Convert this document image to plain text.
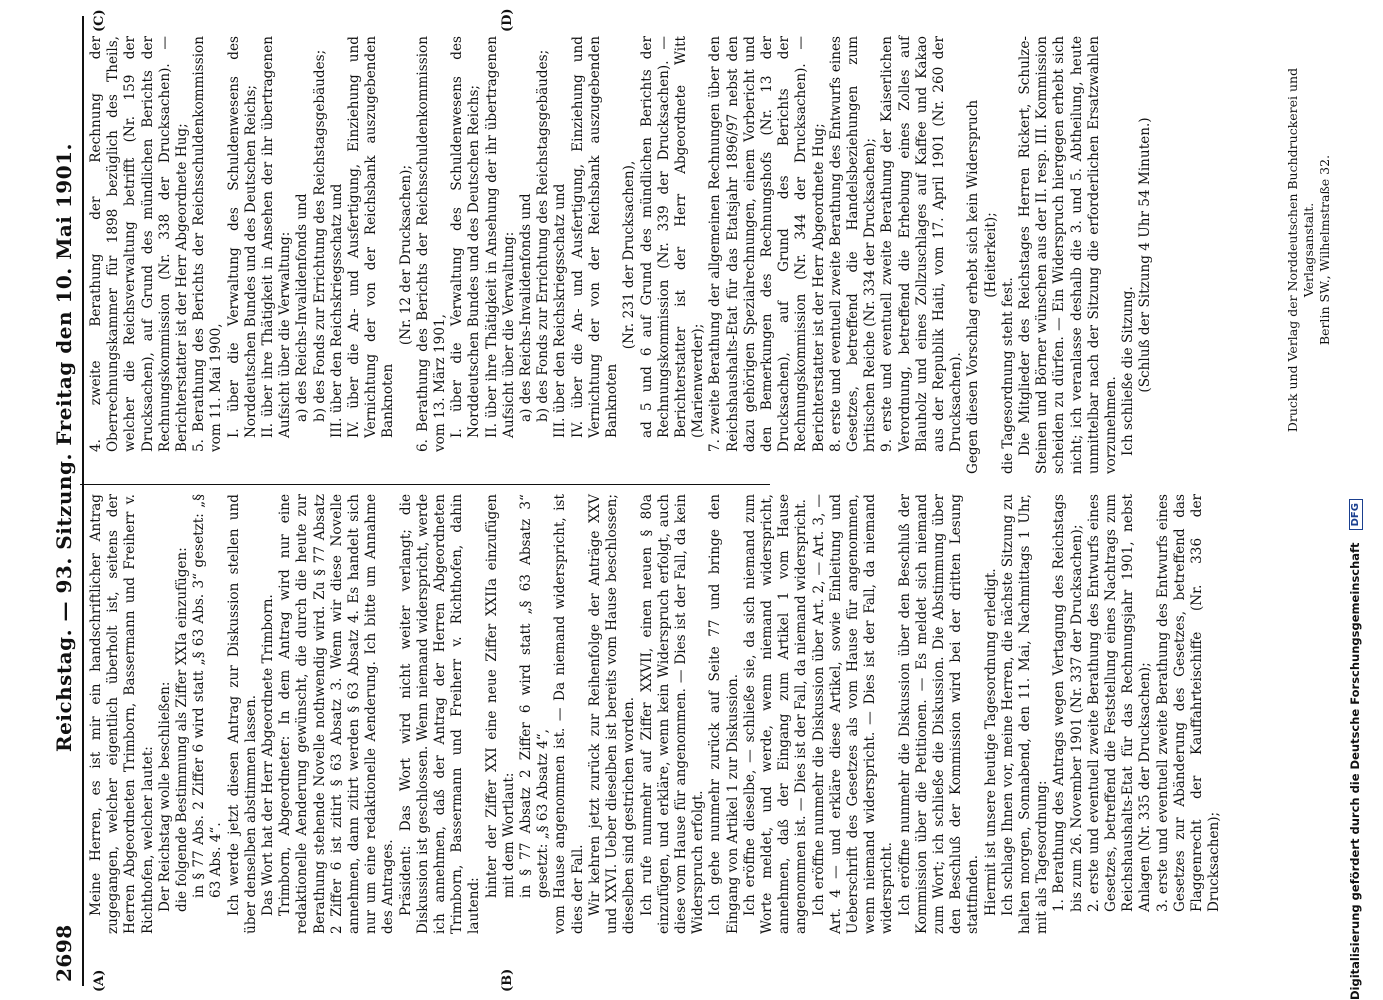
2698
Reichstag. — 93. Sitzung. Freitag den 10. Mai 1901.
(A)	(B)
(C)	(D)

Meine Herren, es ist mir ein handschriftlicher Antrag zugegangen, welcher eigentlich überholt ist, seitens der Herren Abgeordneten Trimborn, Bassermann und Freiherr v. Richthofen, welcher lautet: Der Reichstag wolle beschließen: die folgende Bestimmung als Ziffer XXIa einzufügen: in § 77 Abs. 2 Ziffer 6 wird statt „§ 63 Abs. 3“ gesetzt: „§ 63 Abs. 4“. Ich werde jetzt diesen Antrag zur Diskussion stellen und über denselben abstimmen lassen. Das Wort hat der Herr Abgeordnete Trimborn. Trimborn, Abgeordneter: In dem Antrag wird nur eine redaktionelle Aenderung gewünscht, die durch die heute zur Berathung stehende Novelle nothwendig wird. Zu § 77 Absatz 2 Ziffer 6 ist zitirt § 63 Absatz 3. Wenn wir diese Novelle annehmen, dann zitirt werden § 63 Absatz 4. Es handelt sich nur um eine redaktionelle Aenderung. Ich bitte um Annahme des Antrages. Präsident: Das Wort wird nicht weiter verlangt; die Diskussion ist geschlossen. Wenn niemand widerspricht, werde ich annehmen, daß der Antrag der Herren Abgeordneten Trimborn, Bassermann und Freiherr v. Richthofen, dahin lautend:

hinter der Ziffer XXI eine neue Ziffer XXIIa einzufügen mit dem Wortlaut: in § 77 Absatz 2 Ziffer 6 wird statt „§ 63 Absatz 3“ gesetzt: „§ 63 Absatz 4“, vom Hause angenommen ist. — Da niemand widerspricht, ist dies der Fall. Wir kehren jetzt zurück zur Reihenfolge der Anträge XXV und XXVI. Ueber dieselben ist bereits vom Hause beschlossen; dieselben sind gestrichen worden. Ich rufe nunmehr auf Ziffer XXVII, einen neuen § 80a einzufügen, und erkläre, wenn kein Widerspruch erfolgt, auch diese vom Hause für angenommen. — Dies ist der Fall, da kein Widerspruch erfolgt. Ich gehe nunmehr zurück auf Seite 77 und bringe den Eingang von Artikel 1 zur Diskussion. Ich eröffne dieselbe, — schließe sie, da sich niemand zum Worte meldet, und werde, wenn niemand widerspricht, annehmen, daß der Eingang zum Artikel 1 vom Hause angenommen ist. — Dies ist der Fall, da niemand widerspricht. Ich eröffne nunmehr die Diskussion über Art. 2, — Art. 3, — Art. 4 — und erkläre diese Artikel, sowie Einleitung und Ueberschrift des Gesetzes als vom Hause für angenommen, wenn niemand widerspricht. — Dies ist der Fall, da niemand widerspricht. Ich eröffne nunmehr die Diskussion über den Beschluß der Kommission über die Petitionen. — Es meldet sich niemand zum Wort; ich schließe die Diskussion. Die Abstimmung über den Beschluß der Kommission wird bei der dritten Lesung stattfinden. Hiermit ist unsere heutige Tagesordnung erledigt. Ich schlage Ihnen vor, meine Herren, die nächste Sitzung zu halten morgen, Sonnabend, den 11. Mai, Nachmittags 1 Uhr, mit als Tagesordnung: 1. Berathung des Antrags wegen Vertagung des Reichstags bis zum 26. November 1901 (Nr. 337 der Drucksachen); 2. erste und eventuell zweite Berathung des Entwurfs eines Gesetzes, betreffend die Feststellung eines Nachtrags zum Reichshaushalts-Etat für das Rechnungsjahr 1901, nebst Anlagen (Nr. 335 der Drucksachen); 3. erste und eventuell zweite Berathung des Entwurfs eines Gesetzes zur Abänderung des Gesetzes, betreffend das Flaggenrecht der Kauffahrteischiffe (Nr. 336 der Drucksachen);

4. zweite Berathung der Rechnung der Oberrechnungskammer für 1898 bezüglich des Theils, welcher die Reichsverwaltung betrifft (Nr. 159 der Drucksachen), auf Grund des mündlichen Berichts der Rechnungskommission (Nr. 338 der Drucksachen). — Berichterstatter ist der Herr Abgeordnete Hug; 5. Berathung des Berichts der Reichsschuldenkommission vom 11. Mai 1900, I. über die Verwaltung des Schuldenwesens des Norddeutschen Bundes und des Deutschen Reichs; II. über ihre Thätigkeit in Ansehen der ihr übertragenen Aufsicht über die Verwaltung: a) des Reichs-Invalidenfonds und b) des Fonds zur Errichtung des Reichstagsgebäudes; III. über den Reichskriegsschatz und IV. über die An- und Ausfertigung, Einziehung und Vernichtung der von der Reichsbank auszugebenden Banknoten

(Nr. 12 der Drucksachen); 6. Berathung des Berichts der Reichsschuldenkommission vom 13. März 1901, I. über die Verwaltung des Schuldenwesens des Norddeutschen Bundes und des Deutschen Reichs; II. über ihre Thätigkeit in Ansehung der ihr übertragenen Aufsicht über die Verwaltung: a) des Reichs-Invalidenfonds und b) des Fonds zur Errichtung des Reichstagsgebäudes; III. über den Reichskriegsschatz und IV. über die An- und Ausfertigung, Einziehung und Vernichtung der von der Reichsbank auszugebenden Banknoten

(Nr. 231 der Drucksachen), ad 5 und 6 auf Grund des mündlichen Berichts der Rechnungskommission (Nr. 339 der Drucksachen). — Berichterstatter ist der Herr Abgeordnete Witt (Marienwerder); 7. zweite Berathung der allgemeinen Rechnungen über den Reichshaushalts-Etat für das Etatsjahr 1896/97 nebst den dazu gehörigen Spezialrechnungen, einem Vorbericht und den Bemerkungen des Rechnungshofs (Nr. 13 der Drucksachen), auf Grund des Berichts der Rechnungskommission (Nr. 344 der Drucksachen). — Berichterstatter ist der Herr Abgeordnete Hug; 8. erste und eventuell zweite Berathung des Entwurfs eines Gesetzes, betreffend die Handelsbeziehungen zum britischen Reiche (Nr. 334 der Drucksachen); 9. erste und eventuell zweite Berathung der Kaiserlichen Verordnung, betreffend die Erhebung eines Zolles auf Blauholz und eines Zollzuschlages auf Kaffee und Kakao aus der Republik Haiti, vom 17. April 1901 (Nr. 260 der Drucksachen). Gegen diesen Vorschlag erhebt sich kein Widerspruch (Heiterkeit);

die Tagesordnung steht fest. Die Mitglieder des Reichstages Herren Rickert, Schulze-Steinen und Börner wünschen aus der II. resp. III. Kommission scheiden zu dürfen. — Ein Widerspruch hiergegen erhebt sich nicht; ich veranlasse deshalb die 3. und 5. Abtheilung, heute unmittelbar nach der Sitzung die erforderlichen Ersatzwahlen vorzunehmen. Ich schließe die Sitzung. (Schluß der Sitzung 4 Uhr 54 Minuten.)	Druck und Verlag der Norddeutschen Buchdruckerei und Verlagsanstalt. Berlin SW., Wilhelmstraße 32.
Digitalisierung gefördert durch die Deutsche Forschungsgemeinschaft DFG
